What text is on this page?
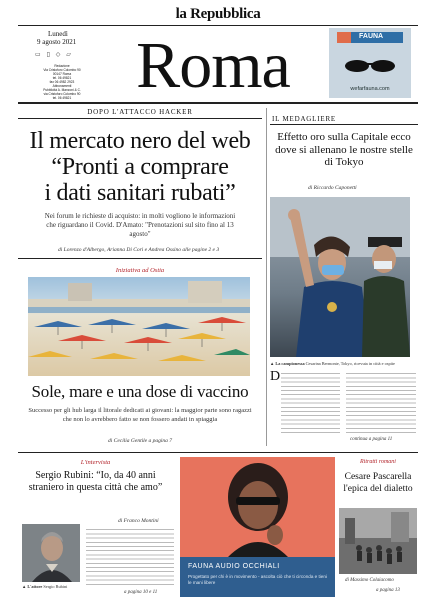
la Repubblica
Lunedì
9 agosto 2021
▭ ▯ ◇ ▱
Redazione
Via Cristoforo Colombo 90
00147 Roma
tel. 06 49821
fax 06 4982 2923
Abbonamenti
Pubblicità A. Manzoni & C.
via Cristoforo Colombo 90
tel. 06 49821 Roma	FAUNA
wefarfauna.com
DOPO L'ATTACCO HACKER
Il mercato nero del web
“Pronti a comprare
i dati sanitari rubati”
Nei forum le richieste di acquisto: in molti vogliono le informazioni che riguardano il Covid. D'Amato: "Prenotazioni sul sito fino al 13 agosto"
di Lorenzo d'Albergo, Arianna Di Cori e Andrea Ossino alle pagine 2 e 3
Iniziativa ad Ostia
Sole, mare e una dose di vaccino
Successo per gli hub larga il litorale dedicati ai giovani: la maggior parte sono ragazzi che non lo avrebbero fatto se non fossero andati in spiaggia
di Cecilia Gentile a pagina 7
IL MEDAGLIERE
Effetto oro sulla Capitale ecco dove si allenano le nostre stelle di Tokyo
di Riccardo Caponetti
▲ La campionessa Cesarina Bermonte, Tokyo, ricevuta in città e ospite
D
continua a pagina 11
L'intervista
Sergio Rubini: “Io, da 40 anni straniero in questa città che amo”
di Franco Montini
▲ L'attore Sergio Rubini
a pagina 10 e 11
FAUNA AUDIO OCCHIALI
Progettato per chi è in movimento - ascolta ciò che ti circonda e tieni le mani libere
Ritratti romani
Cesare Pascarella l'epica del dialetto
di Massimo Colaiacomo
a pagina 13
